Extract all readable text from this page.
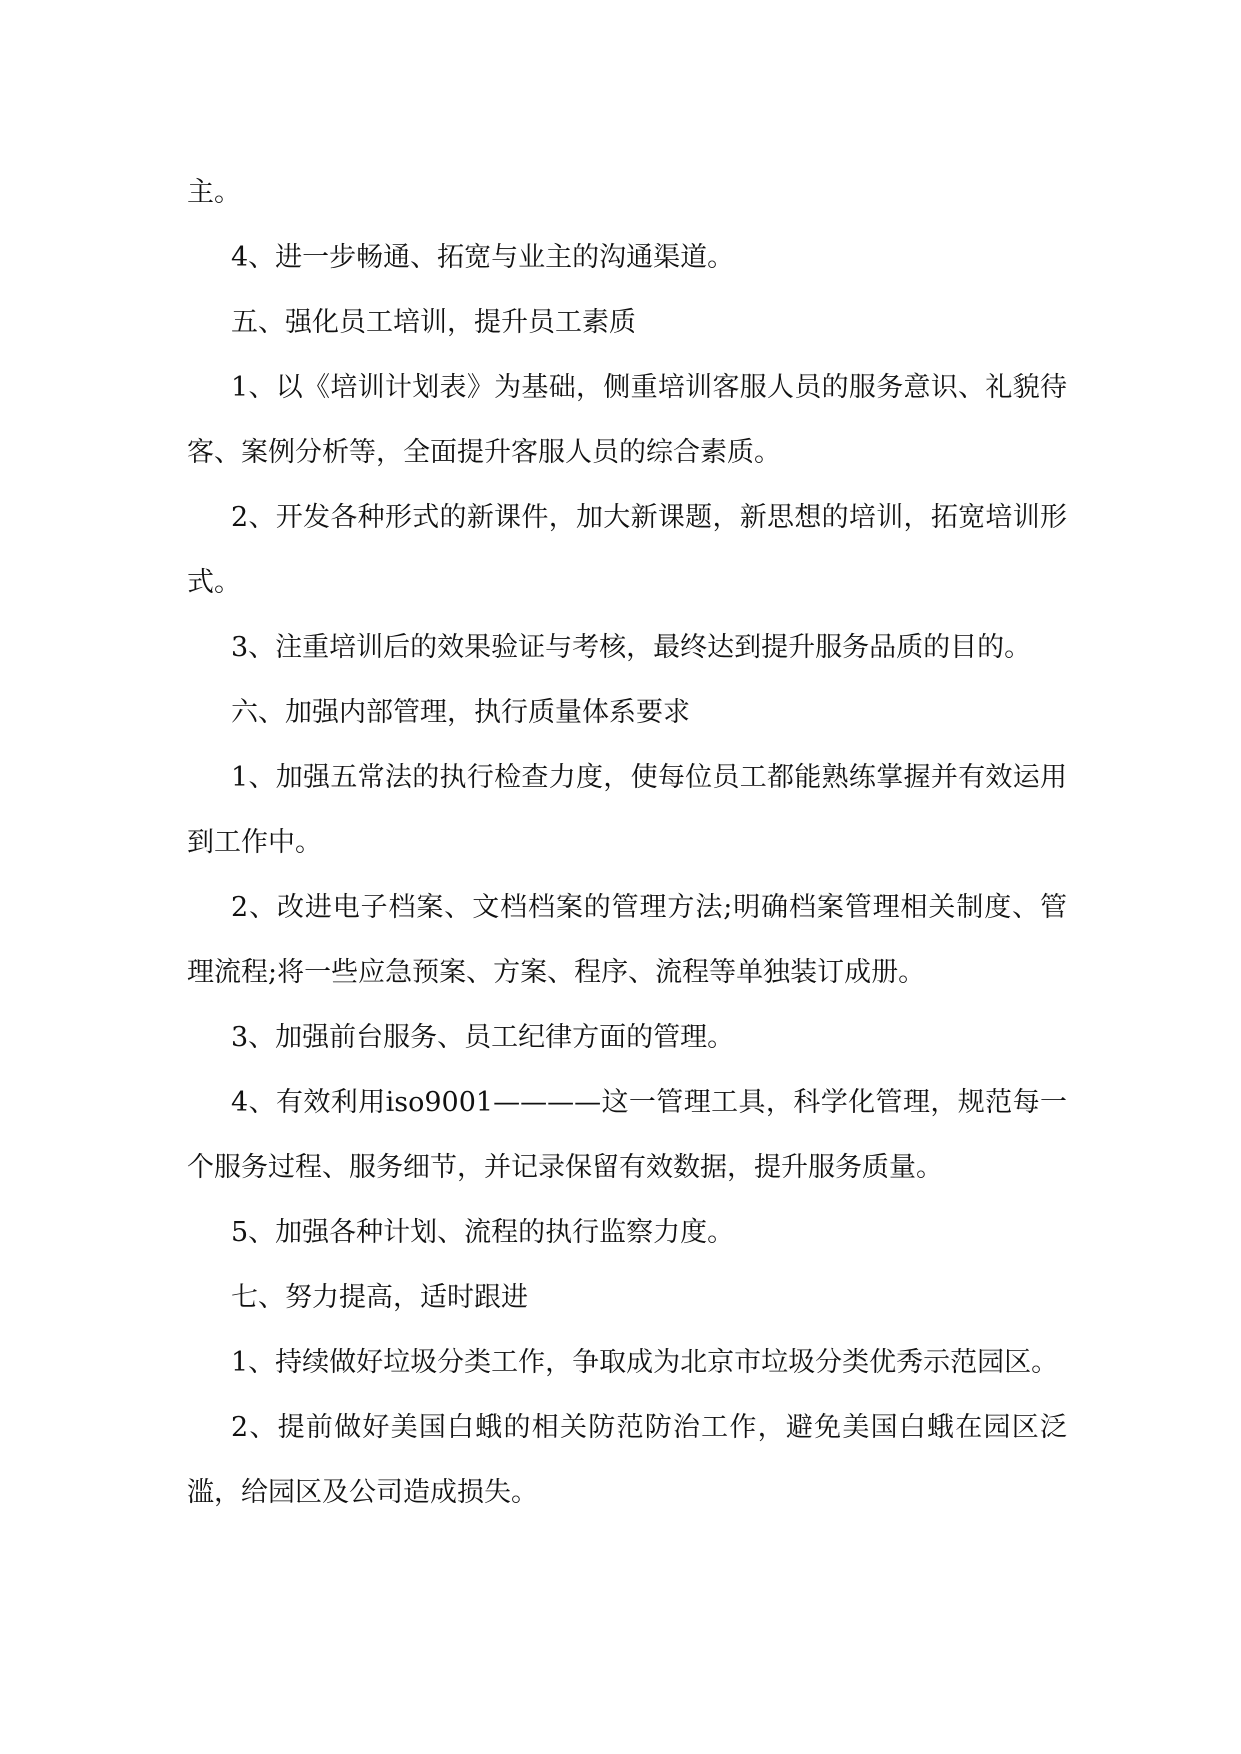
主。

4、进一步畅通、拓宽与业主的沟通渠道。

五、强化员工培训，提升员工素质

1、以《培训计划表》为基础，侧重培训客服人员的服务意识、礼貌待客、案例分析等，全面提升客服人员的综合素质。

2、开发各种形式的新课件，加大新课题，新思想的培训，拓宽培训形式。

3、注重培训后的效果验证与考核，最终达到提升服务品质的目的。

六、加强内部管理，执行质量体系要求

1、加强五常法的执行检查力度，使每位员工都能熟练掌握并有效运用到工作中。

2、改进电子档案、文档档案的管理方法;明确档案管理相关制度、管理流程;将一些应急预案、方案、程序、流程等单独装订成册。

3、加强前台服务、员工纪律方面的管理。

4、有效利用iso9001————这一管理工具，科学化管理，规范每一个服务过程、服务细节，并记录保留有效数据，提升服务质量。

5、加强各种计划、流程的执行监察力度。

七、努力提高，适时跟进

1、持续做好垃圾分类工作，争取成为北京市垃圾分类优秀示范园区。

2、提前做好美国白蛾的相关防范防治工作，避免美国白蛾在园区泛滥，给园区及公司造成损失。
